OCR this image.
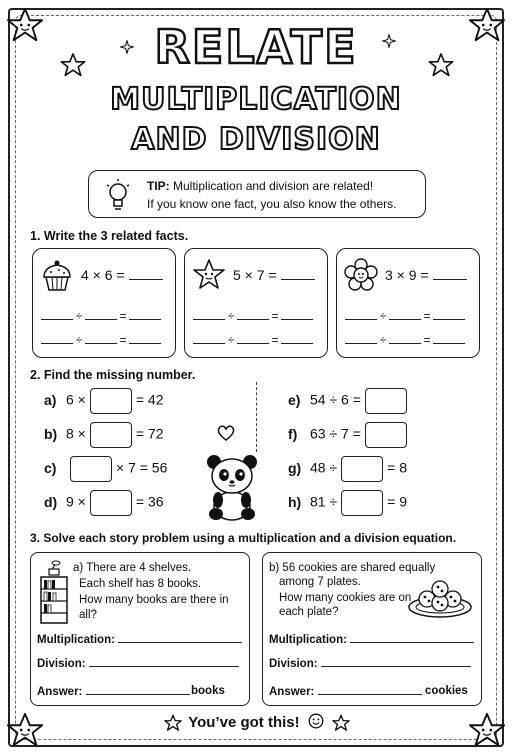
RELATE
MULTIPLICATION
AND DIVISION
TIP: Multiplication and division are related!
If you know one fact, you also know the others.
1. Write the 3 related facts.
4 × 6 =
÷	=
÷	=
5 × 7 =
÷	=
÷	=
3 × 9 =
÷	=
÷	=
2. Find the missing number.
a) 6 ×	= 42
b) 8 ×	= 72
c)	× 7 = 56
d) 9 ×	= 36
e) 54 ÷ 6 =
f) 63 ÷ 7 =
g) 48 ÷	= 8
h) 81 ÷	= 9
3. Solve each story problem using a multiplication and a division equation.
a) There are 4 shelves.
Each shelf has 8 books.
How many books are there in all?
Multiplication:
Division:
Answer:	books
b) 56 cookies are shared equally
among 7 plates.
How many cookies are on
each plate?
Multiplication:
Division:
Answer:	cookies
You’ve got this!
